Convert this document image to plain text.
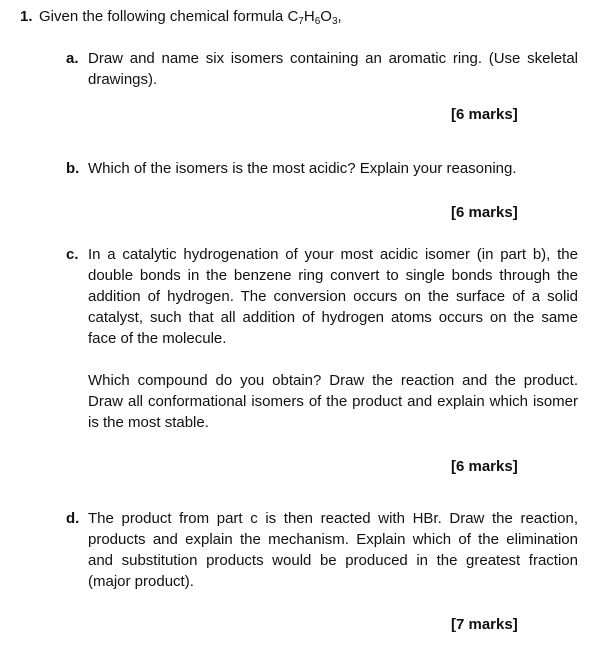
1. Given the following chemical formula $C_7H_6O_3$,
a. Draw and name six isomers containing an aromatic ring. (Use skeletal drawings).
[6 marks]
b. Which of the isomers is the most acidic? Explain your reasoning.
[6 marks]
c. In a catalytic hydrogenation of your most acidic isomer (in part b), the double bonds in the benzene ring convert to single bonds through the addition of hydrogen. The conversion occurs on the surface of a solid catalyst, such that all addition of hydrogen atoms occurs on the same face of the molecule.

Which compound do you obtain? Draw the reaction and the product. Draw all conformational isomers of the product and explain which isomer is the most stable.

[6 marks]
d. The product from part c is then reacted with HBr. Draw the reaction, products and explain the mechanism. Explain which of the elimination and substitution products would be produced in the greatest fraction (major product).
[7 marks]
